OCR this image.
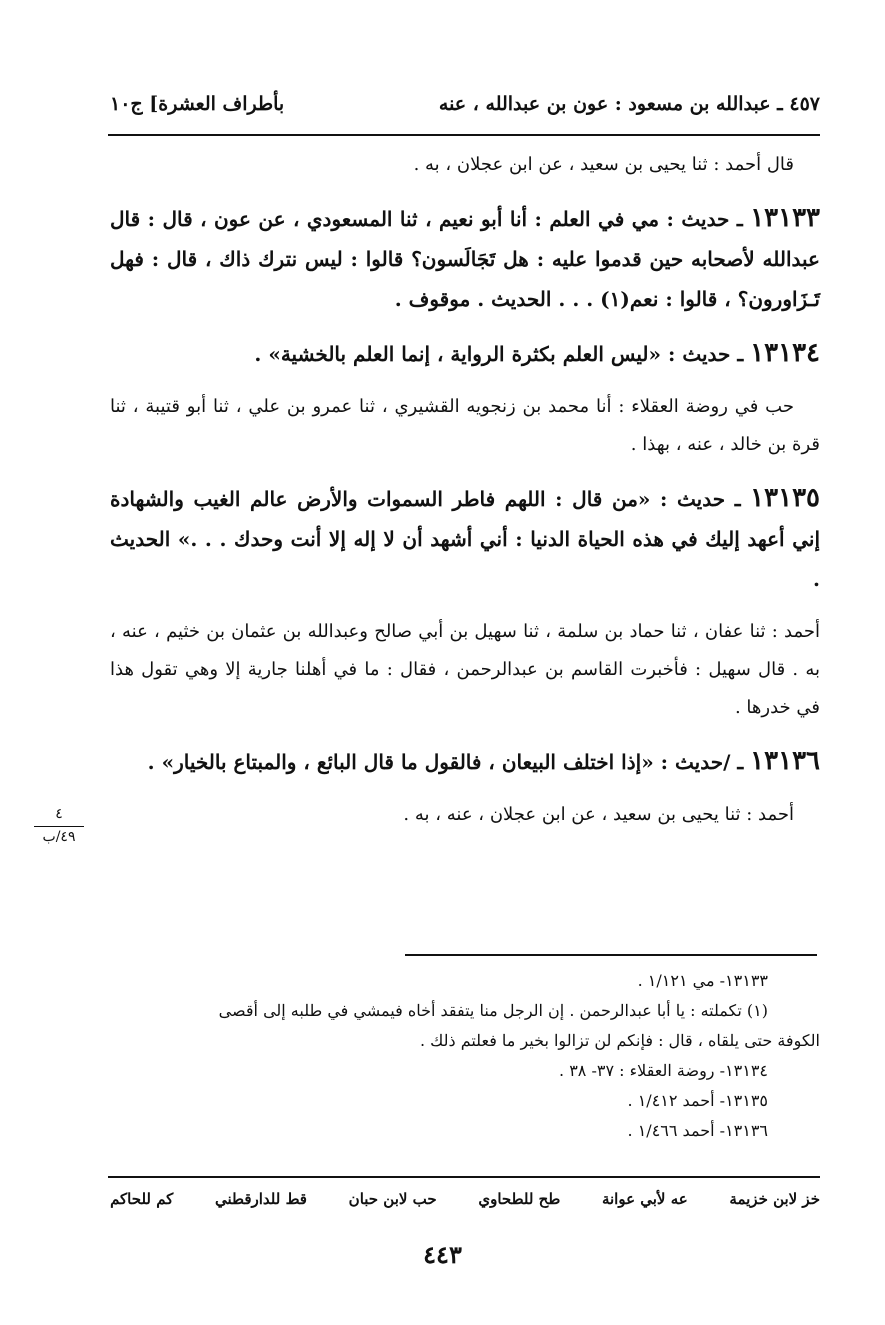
بأطراف العشرة] ج١٠	٤٥٧ ـ عبدالله بن مسعود : عون بن عبدالله ، عنه

قال أحمد : ثنا يحيى بن سعيد ، عن ابن عجلان ، به .

١٣١٣٣ ـ حديث : مي في العلم : أنا أبو نعيم ، ثنا المسعودي ، عن عون ، قال : قال عبدالله لأصحابه حين قدموا عليه : هل تَجَالَسون؟ قالوا : ليس نترك ذاك ، قال : فهل تَـزَاورون؟ ، قالوا : نعم(١) . . . الحديث . موقوف .

١٣١٣٤ ـ حديث : «ليس العلم بكثرة الرواية ، إنما العلم بالخشية» .

حب في روضة العقلاء : أنا محمد بن زنجويه القشيري ، ثنا عمرو بن علي ، ثنا أبو قتيبة ، ثنا قرة بن خالد ، عنه ، بهذا .

١٣١٣٥ ـ حديث : «من قال : اللهم فاطر السموات والأرض عالم الغيب والشهادة إني أعهد إليك في هذه الحياة الدنيا : أني أشهد أن لا إله إلا أنت وحدك . . .» الحديث .

أحمد : ثنا عفان ، ثنا حماد بن سلمة ، ثنا سهيل بن أبي صالح وعبدالله بن عثمان بن خثيم ، عنه ، به . قال سهيل : فأخبرت القاسم بن عبدالرحمن ، فقال : ما في أهلنا جارية إلا وهي تقول هذا في خدرها .

١٣١٣٦ ـ /حديث : «إذا اختلف البيعان ، فالقول ما قال البائع ، والمبتاع بالخيار» .

أحمد : ثنا يحيى بن سعيد ، عن ابن عجلان ، عنه ، به .

٤
٤٩/ب

١٣١٣٣- مي ١/١٢١ .

(١) تكملته : يا أبا عبدالرحمن . إن الرجل منا يتفقد أخاه فيمشي في طلبه إلى أقصى

الكوفة حتى يلقاه ، قال : فإنكم لن تزالوا بخير ما فعلتم ذلك .

١٣١٣٤- روضة العقلاء : ٣٧- ٣٨ .

١٣١٣٥- أحمد ١/٤١٢ .

١٣١٣٦- أحمد ١/٤٦٦ .

خز لابن خزيمة
عه لأبي عوانة
طح للطحاوي
حب لابن حبان
قط للدارقطني
كم للحاكم
٤٤٣
